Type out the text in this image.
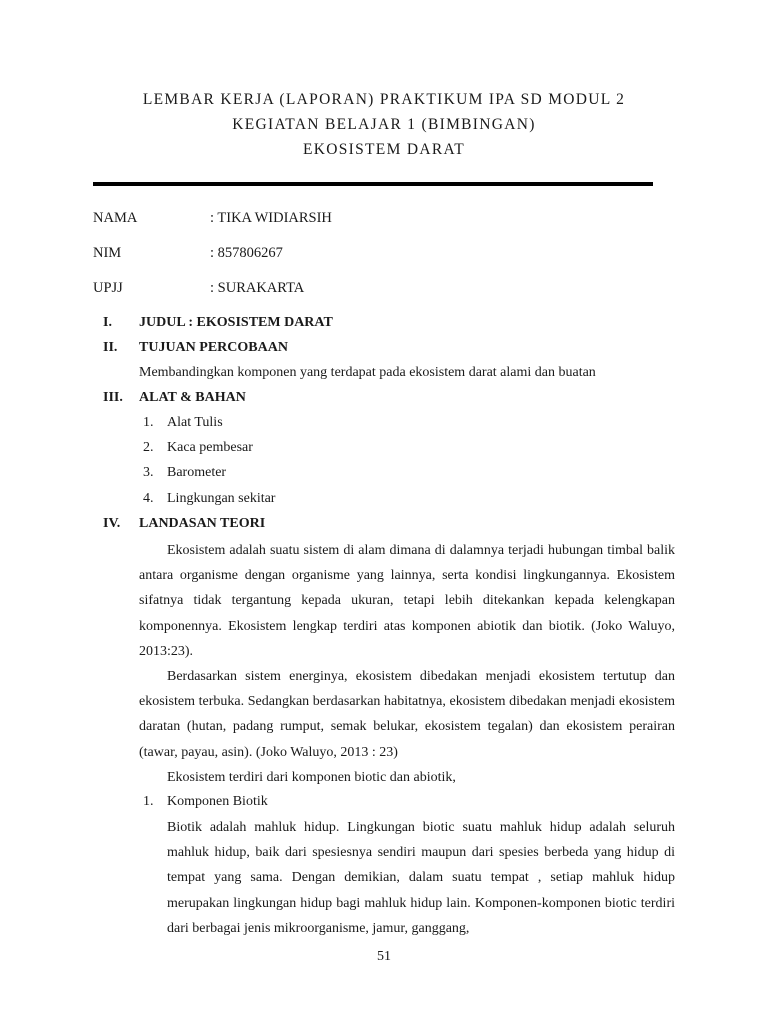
LEMBAR KERJA (LAPORAN) PRAKTIKUM IPA SD MODUL 2
KEGIATAN BELAJAR 1 (BIMBINGAN)
EKOSISTEM DARAT
NAMA	: TIKA WIDIARSIH
NIM	: 857806267
UPJJ	: SURAKARTA
I. JUDUL : EKOSISTEM DARAT
II. TUJUAN PERCOBAAN
Membandingkan komponen yang terdapat pada ekosistem darat alami dan buatan
III. ALAT & BAHAN
1. Alat Tulis
2. Kaca pembesar
3. Barometer
4. Lingkungan sekitar
IV. LANDASAN TEORI

Ekosistem adalah suatu sistem di alam dimana di dalamnya terjadi hubungan timbal balik antara organisme dengan organisme yang lainnya, serta kondisi lingkungannya. Ekosistem sifatnya tidak tergantung kepada ukuran, tetapi lebih ditekankan kepada kelengkapan komponennya. Ekosistem lengkap terdiri atas komponen abiotik dan biotik. (Joko Waluyo, 2013:23).

Berdasarkan sistem energinya, ekosistem dibedakan menjadi ekosistem tertutup dan ekosistem terbuka. Sedangkan berdasarkan habitatnya, ekosistem dibedakan menjadi ekosistem daratan (hutan, padang rumput, semak belukar, ekosistem tegalan) dan ekosistem perairan (tawar, payau, asin). (Joko Waluyo, 2013 : 23)

Ekosistem terdiri dari komponen biotic dan abiotik,

1. Komponen Biotik

Biotik adalah mahluk hidup. Lingkungan biotic suatu mahluk hidup adalah seluruh mahluk hidup, baik dari spesiesnya sendiri maupun dari spesies berbeda yang hidup di tempat yang sama. Dengan demikian, dalam suatu tempat , setiap mahluk hidup merupakan lingkungan hidup bagi mahluk hidup lain. Komponen-komponen biotic terdiri dari berbagai jenis mikroorganisme, jamur, ganggang,

51
